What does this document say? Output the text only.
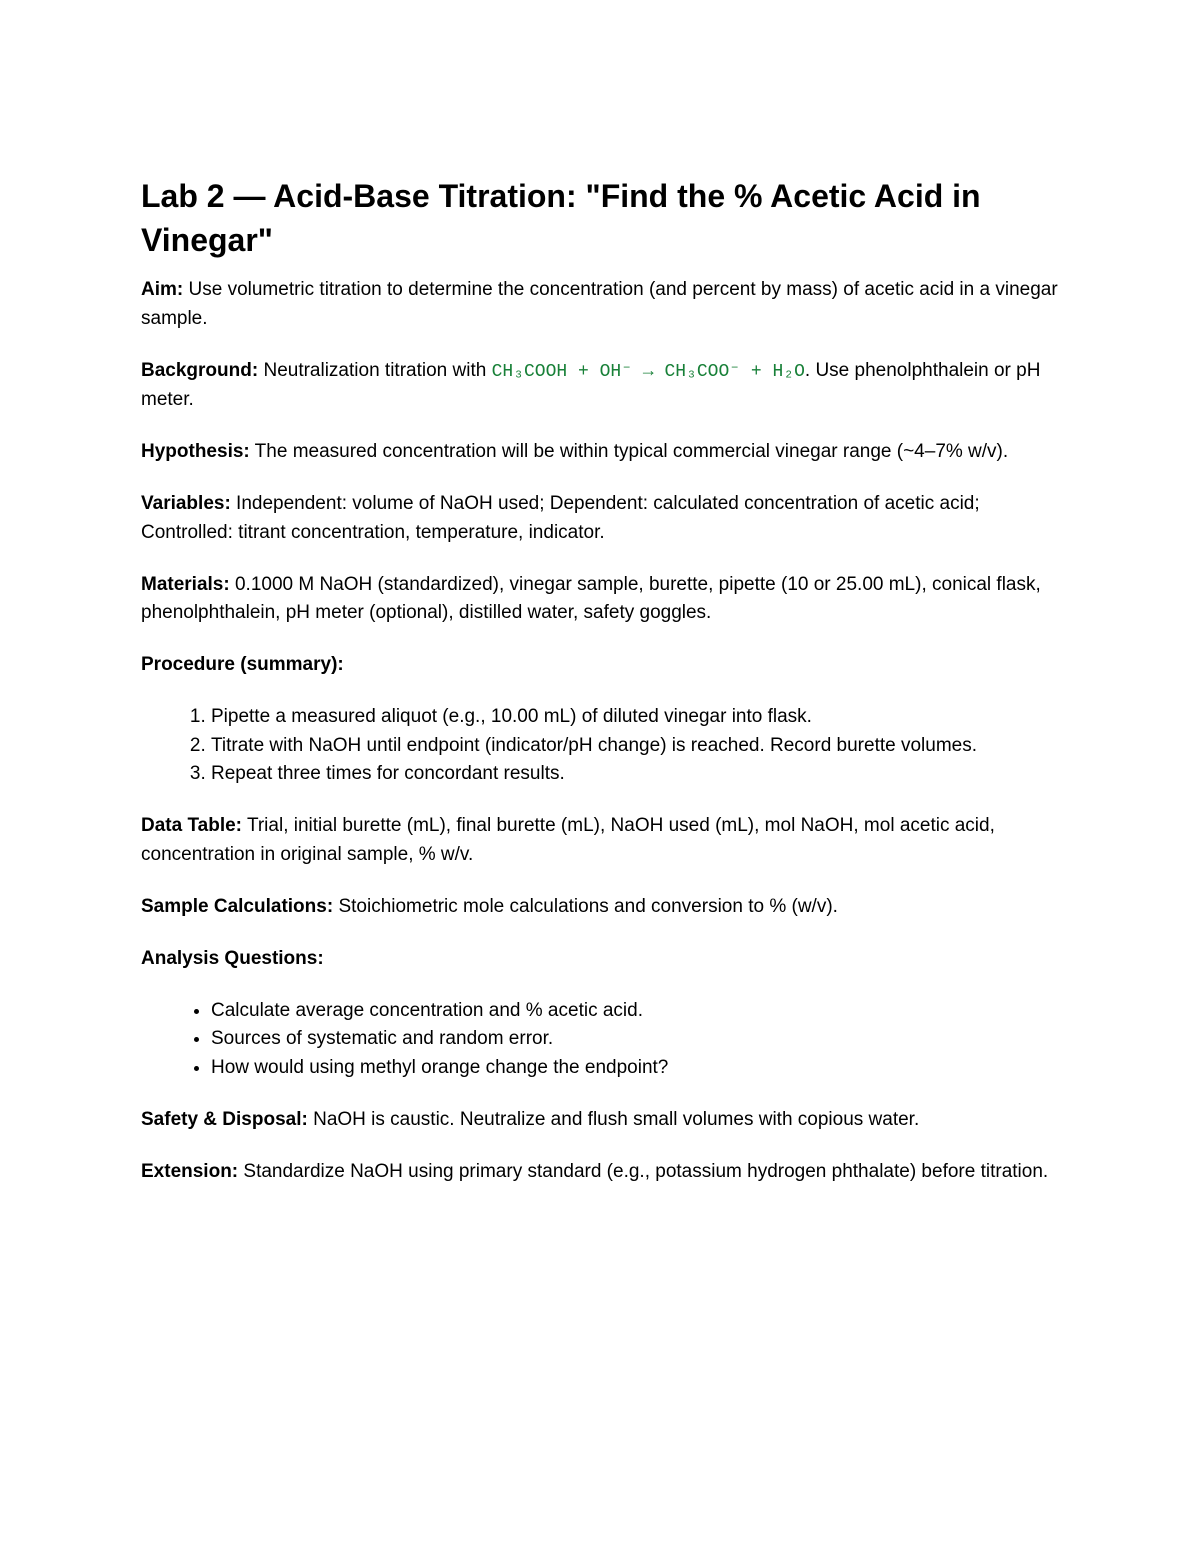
Lab 2 — Acid-Base Titration: "Find the % Acetic Acid in Vinegar"

Aim: Use volumetric titration to determine the concentration (and percent by mass) of acetic acid in a vinegar sample.

Background: Neutralization titration with CH₃COOH + OH⁻ → CH₃COO⁻ + H₂O. Use phenolphthalein or pH meter.

Hypothesis: The measured concentration will be within typical commercial vinegar range (~4–7% w/v).

Variables: Independent: volume of NaOH used; Dependent: calculated concentration of acetic acid; Controlled: titrant concentration, temperature, indicator.

Materials: 0.1000 M NaOH (standardized), vinegar sample, burette, pipette (10 or 25.00 mL), conical flask, phenolphthalein, pH meter (optional), distilled water, safety goggles.

Procedure (summary):

1. Pipette a measured aliquot (e.g., 10.00 mL) of diluted vinegar into flask.
2. Titrate with NaOH until endpoint (indicator/pH change) is reached. Record burette volumes.
3. Repeat three times for concordant results.

Data Table: Trial, initial burette (mL), final burette (mL), NaOH used (mL), mol NaOH, mol acetic acid, concentration in original sample, % w/v.

Sample Calculations: Stoichiometric mole calculations and conversion to % (w/v).

Analysis Questions:

• Calculate average concentration and % acetic acid.
• Sources of systematic and random error.
• How would using methyl orange change the endpoint?

Safety & Disposal: NaOH is caustic. Neutralize and flush small volumes with copious water.

Extension: Standardize NaOH using primary standard (e.g., potassium hydrogen phthalate) before titration.
